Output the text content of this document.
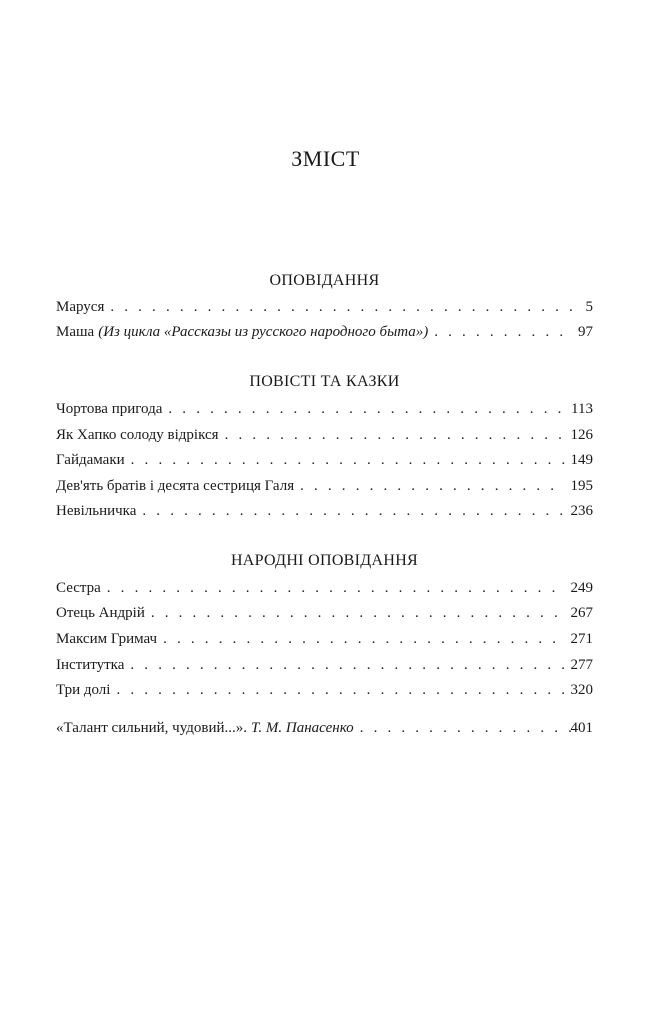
ЗМІСТ
ОПОВІДАННЯ
Маруся . . .	5
Маша (Из цикла «Рассказы из русского народного быта») . . .	97
ПОВІСТІ ТА КАЗКИ
Чортова пригода . . .	113
Як Хапко солоду відрікся . . .	126
Гайдамаки . . .	149
Дев'ять братів і десята сестриця Галя . . .	195
Невільничка . . .	236
НАРОДНІ ОПОВІДАННЯ
Сестра . . .	249
Отець Андрій . . .	267
Максим Гримач . . .	271
Інститутка . . .	277
Три долі . . .	320
«Талант сильний, чудовий...». Т. М. Панасенко . . .	401
